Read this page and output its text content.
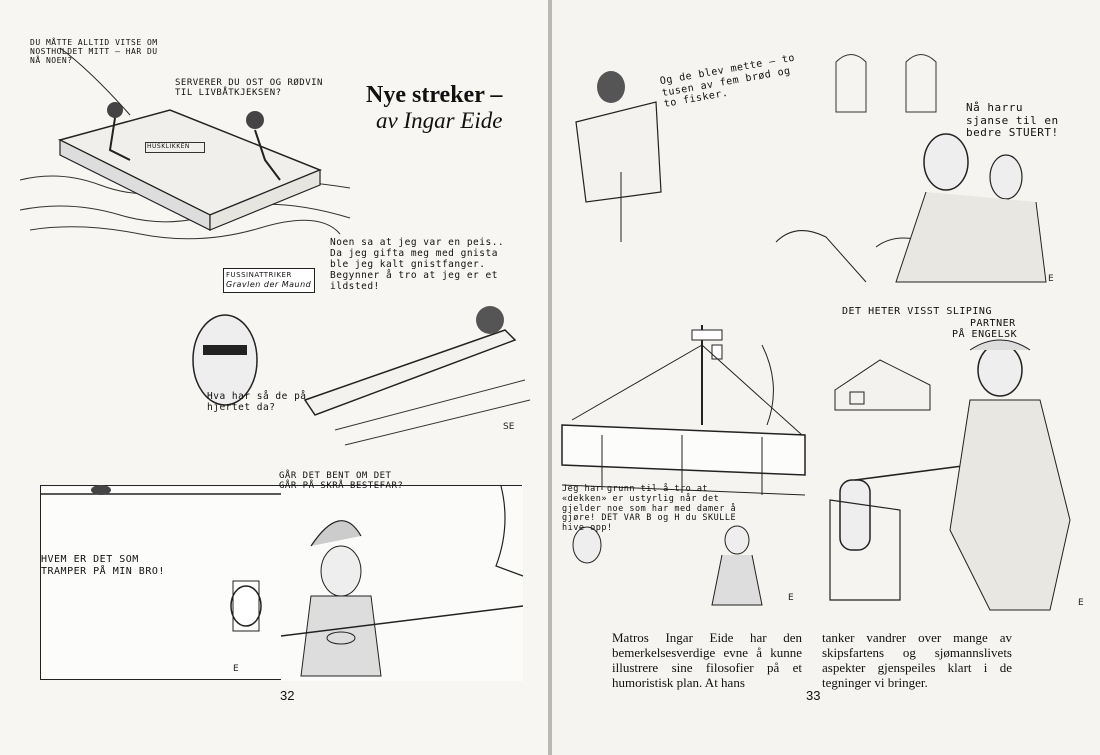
DU MÅTTE ALLTID VITSE OM NOSTHOLDET MITT – HAR DU NÅ NOEN?
SERVERER DU OST OG RØDVIN TIL LIVBÅTKJEKSEN?
HUSKLIKKEN
Nye streker –
av Ingar Eide
Noen sa at jeg var en peis.. Da jeg gifta meg med gnista ble jeg kalt gnistfanger. Begynner å tro at jeg er et ildsted!
FUSSINATTRIKER
Gravlen der Maund
Hva har så de på hjertet da?
SE
GÅR DET BENT OM DET GÅR PÅ SKRÅ BESTEFAR?
HVEM ER DET SOM TRAMPER PÅ MIN BRO!
E
32
Og de blev mette – to tusen av fem brød og to fisker.	Nå harru sjanse til en bedre STUERT!
E
Jeg har grunn til å tro at «dekken» er ustyrlig når det gjelder noe som har med damer å gjøre! DET VAR B og H du SKULLE hive opp!
E
DET HETER VISST SLIPING
PARTNER
PÅ ENGELSK
E
Matros Ingar Eide har den bemerkelsesverdige evne å kunne illustrere sine filosofier på et humoristisk plan. At hans
tanker vandrer over mange av skipsfartens og sjømannslivets aspekter gjenspeiles klart i de tegninger vi bringer.
33
